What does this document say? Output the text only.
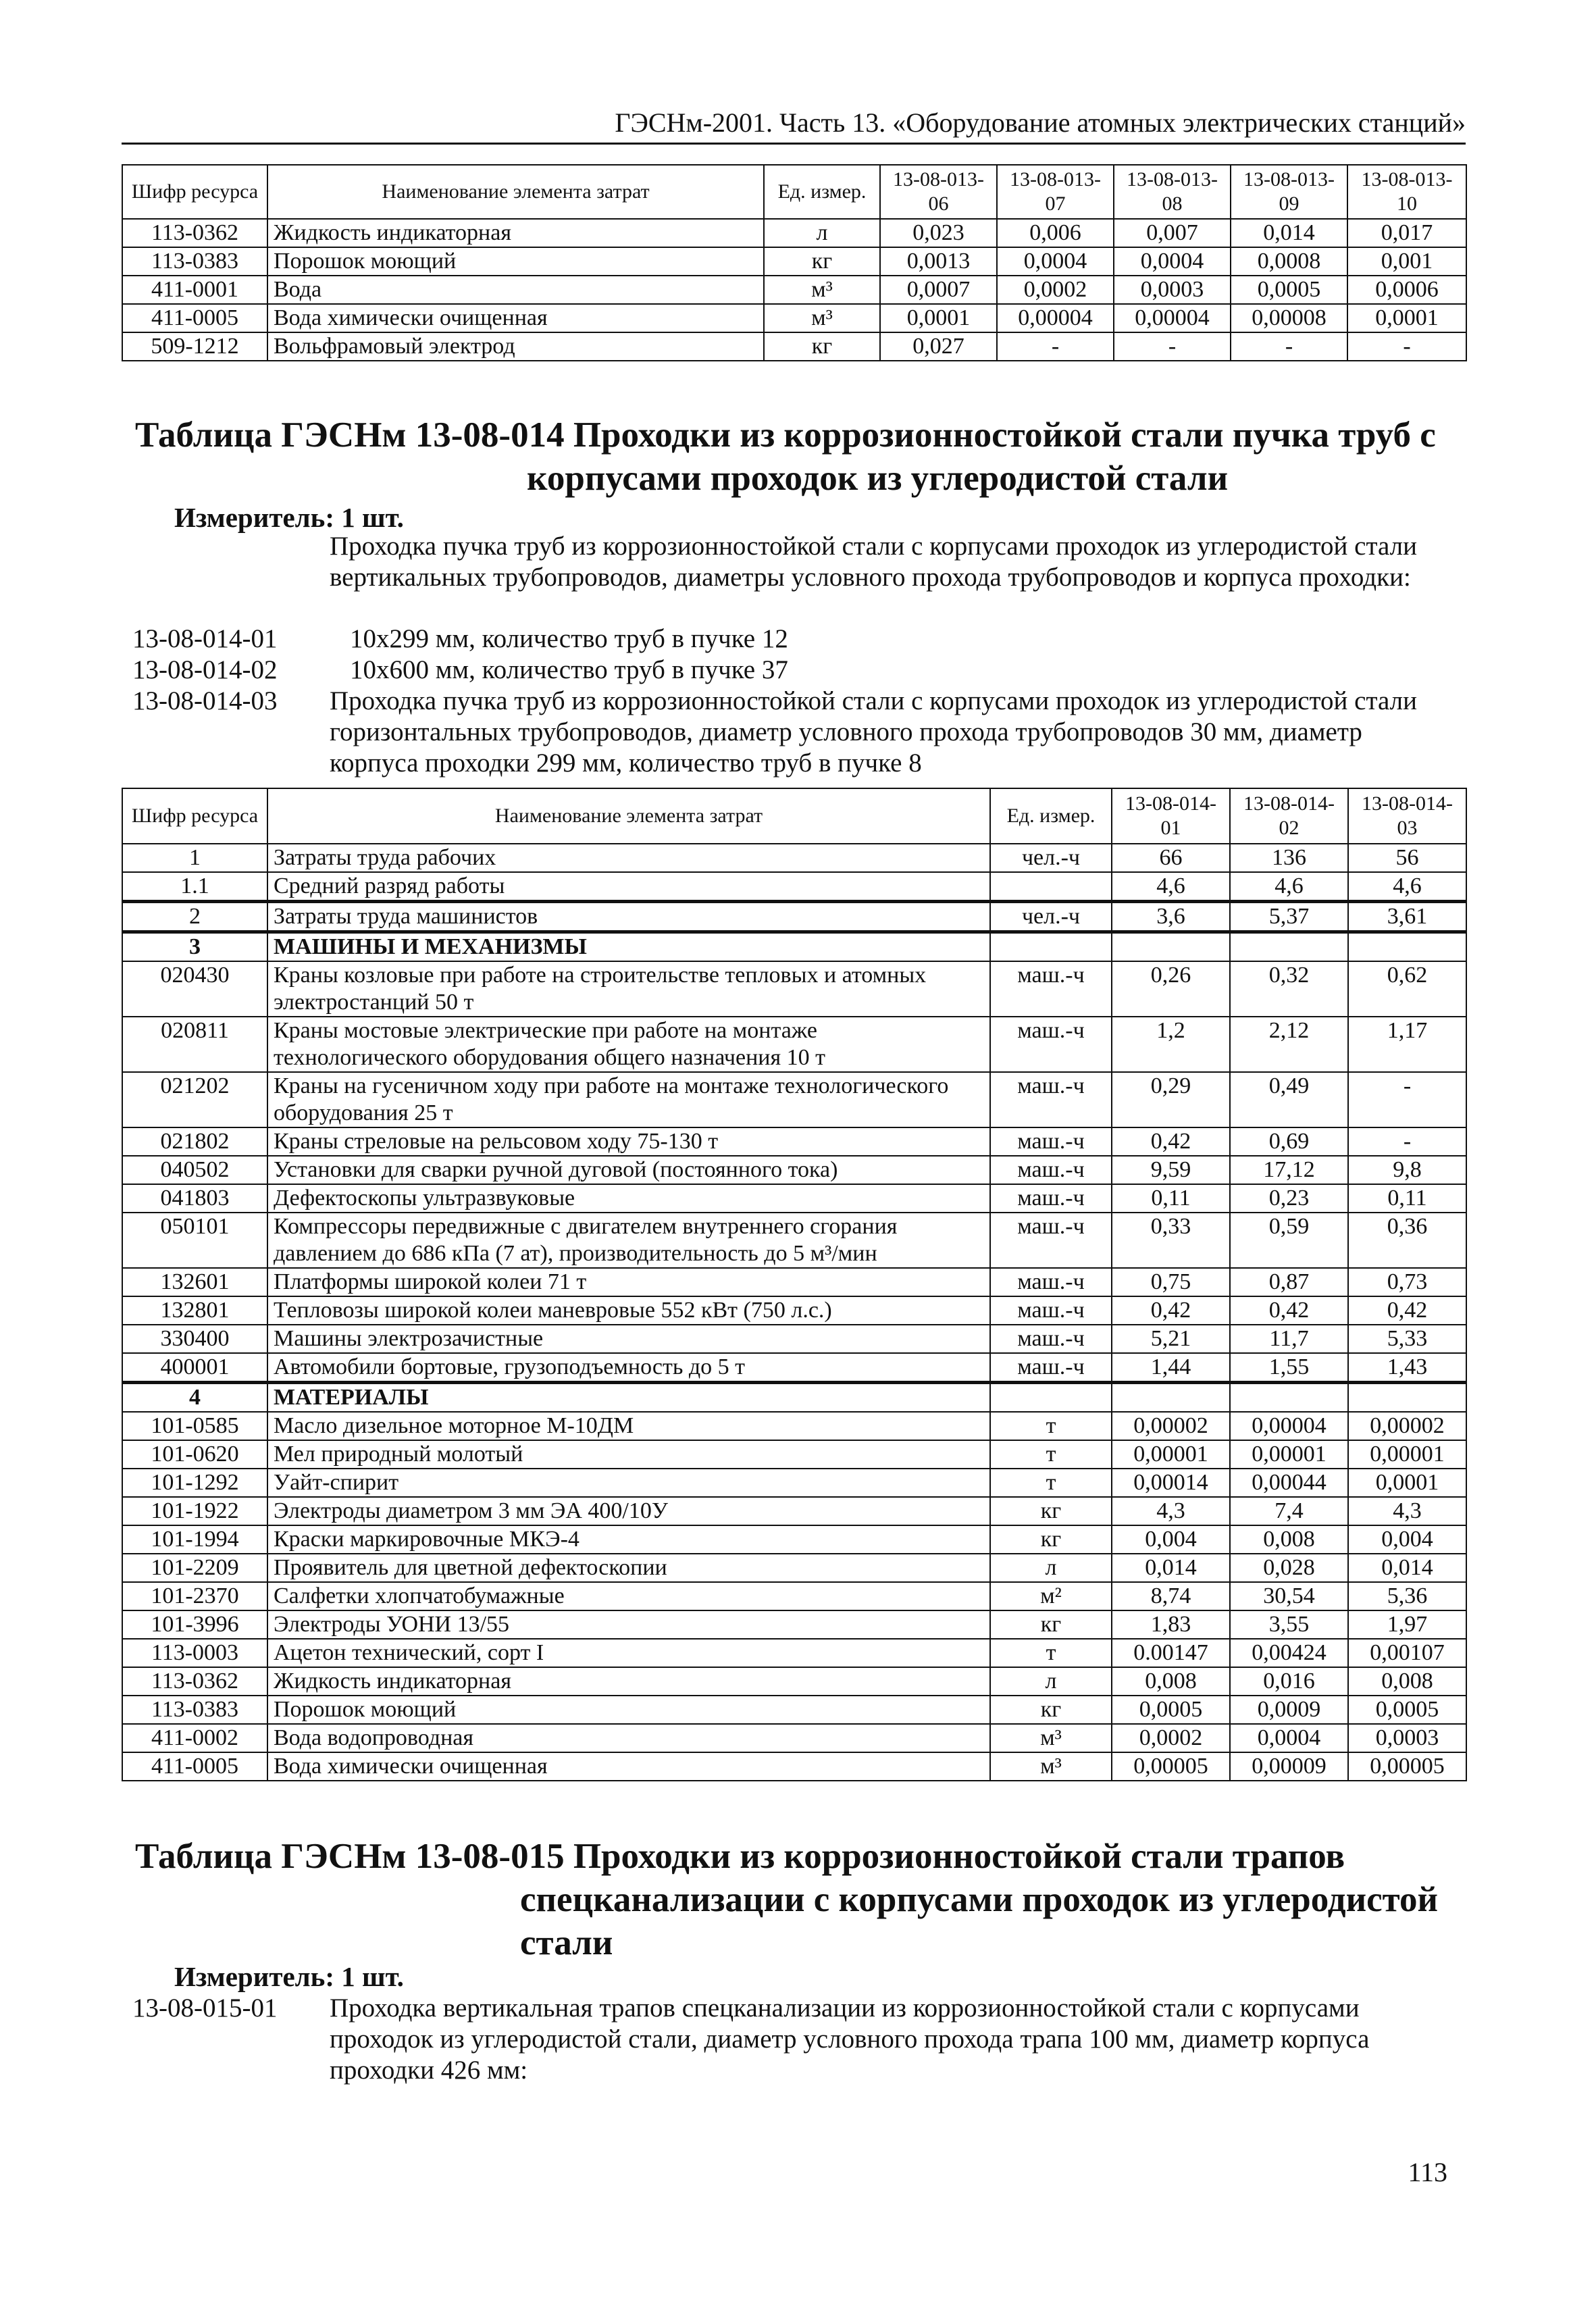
ГЭСНм-2001. Часть 13. «Оборудование атомных электрических станций»
Шифр ресурса	Наименование элемента затрат	Ед. измер.	13-08-013-06	13-08-013-07	13-08-013-08	13-08-013-09	13-08-013-10
113-0362	Жидкость индикаторная	л	0,023	0,006	0,007	0,014	0,017
113-0383	Порошок моющий	кг	0,0013	0,0004	0,0004	0,0008	0,001
411-0001	Вода	м³	0,0007	0,0002	0,0003	0,0005	0,0006
411-0005	Вода химически очищенная	м³	0,0001	0,00004	0,00004	0,00008	0,0001
509-1212	Вольфрамовый электрод	кг	0,027	-	-	-	-
Таблица ГЭСНм 13-08-014 Проходки из коррозионностойкой стали пучка труб с
корпусами проходок из углеродистой стали
Измеритель: 1 шт.
Проходка пучка труб из коррозионностойкой стали с корпусами проходок из углеродистой стали вертикальных трубопроводов, диаметры условного прохода трубопроводов и корпуса проходки:
13-08-014-01	10х299 мм, количество труб в пучке 12
13-08-014-02	10х600 мм, количество труб в пучке 37
13-08-014-03 Проходка пучка труб из коррозионностойкой стали с корпусами проходок из углеродистой стали горизонтальных трубопроводов, диаметр условного прохода трубопроводов 30 мм, диаметр корпуса проходки 299 мм, количество труб в пучке 8
Шифр ресурса	Наименование элемента затрат	Ед. измер.	13-08-014-01	13-08-014-02	13-08-014-03
1	Затраты труда рабочих	чел.-ч	66	136	56
1.1	Средний разряд работы		4,6	4,6	4,6
2	Затраты труда машинистов	чел.-ч	3,6	5,37	3,61
3	МАШИНЫ И МЕХАНИЗМЫ				
020430	Краны козловые при работе на строительстве тепловых и атомных электростанций 50 т	маш.-ч	0,26	0,32	0,62
020811	Краны мостовые электрические при работе на монтаже технологического оборудования общего назначения 10 т	маш.-ч	1,2	2,12	1,17
021202	Краны на гусеничном ходу при работе на монтаже технологического оборудования 25 т	маш.-ч	0,29	0,49	-
021802	Краны стреловые на рельсовом ходу 75-130 т	маш.-ч	0,42	0,69	-
040502	Установки для сварки ручной дуговой (постоянного тока)	маш.-ч	9,59	17,12	9,8
041803	Дефектоскопы ультразвуковые	маш.-ч	0,11	0,23	0,11
050101	Компрессоры передвижные с двигателем внутреннего сгорания давлением до 686 кПа (7 ат), производительность до 5 м³/мин	маш.-ч	0,33	0,59	0,36
132601	Платформы широкой колеи 71 т	маш.-ч	0,75	0,87	0,73
132801	Тепловозы широкой колеи маневровые 552 кВт (750 л.с.)	маш.-ч	0,42	0,42	0,42
330400	Машины электрозачистные	маш.-ч	5,21	11,7	5,33
400001	Автомобили бортовые, грузоподъемность до 5 т	маш.-ч	1,44	1,55	1,43
4	МАТЕРИАЛЫ				
101-0585	Масло дизельное моторное М-10ДМ	т	0,00002	0,00004	0,00002
101-0620	Мел природный молотый	т	0,00001	0,00001	0,00001
101-1292	Уайт-спирит	т	0,00014	0,00044	0,0001
101-1922	Электроды диаметром 3 мм ЭА 400/10У	кг	4,3	7,4	4,3
101-1994	Краски маркировочные МКЭ-4	кг	0,004	0,008	0,004
101-2209	Проявитель для цветной дефектоскопии	л	0,014	0,028	0,014
101-2370	Салфетки хлопчатобумажные	м²	8,74	30,54	5,36
101-3996	Электроды УОНИ 13/55	кг	1,83	3,55	1,97
113-0003	Ацетон технический, сорт I	т	0.00147	0,00424	0,00107
113-0362	Жидкость индикаторная	л	0,008	0,016	0,008
113-0383	Порошок моющий	кг	0,0005	0,0009	0,0005
411-0002	Вода водопроводная	м³	0,0002	0,0004	0,0003
411-0005	Вода химически очищенная	м³	0,00005	0,00009	0,00005
Таблица ГЭСНм 13-08-015 Проходки из коррозионностойкой стали трапов
спецканализации с корпусами проходок из углеродистой
стали
Измеритель: 1 шт.
13-08-015-01 Проходка вертикальная трапов спецканализации из коррозионностойкой стали с корпусами проходок из углеродистой стали, диаметр условного прохода трапа 100 мм, диаметр корпуса проходки 426 мм:
113
